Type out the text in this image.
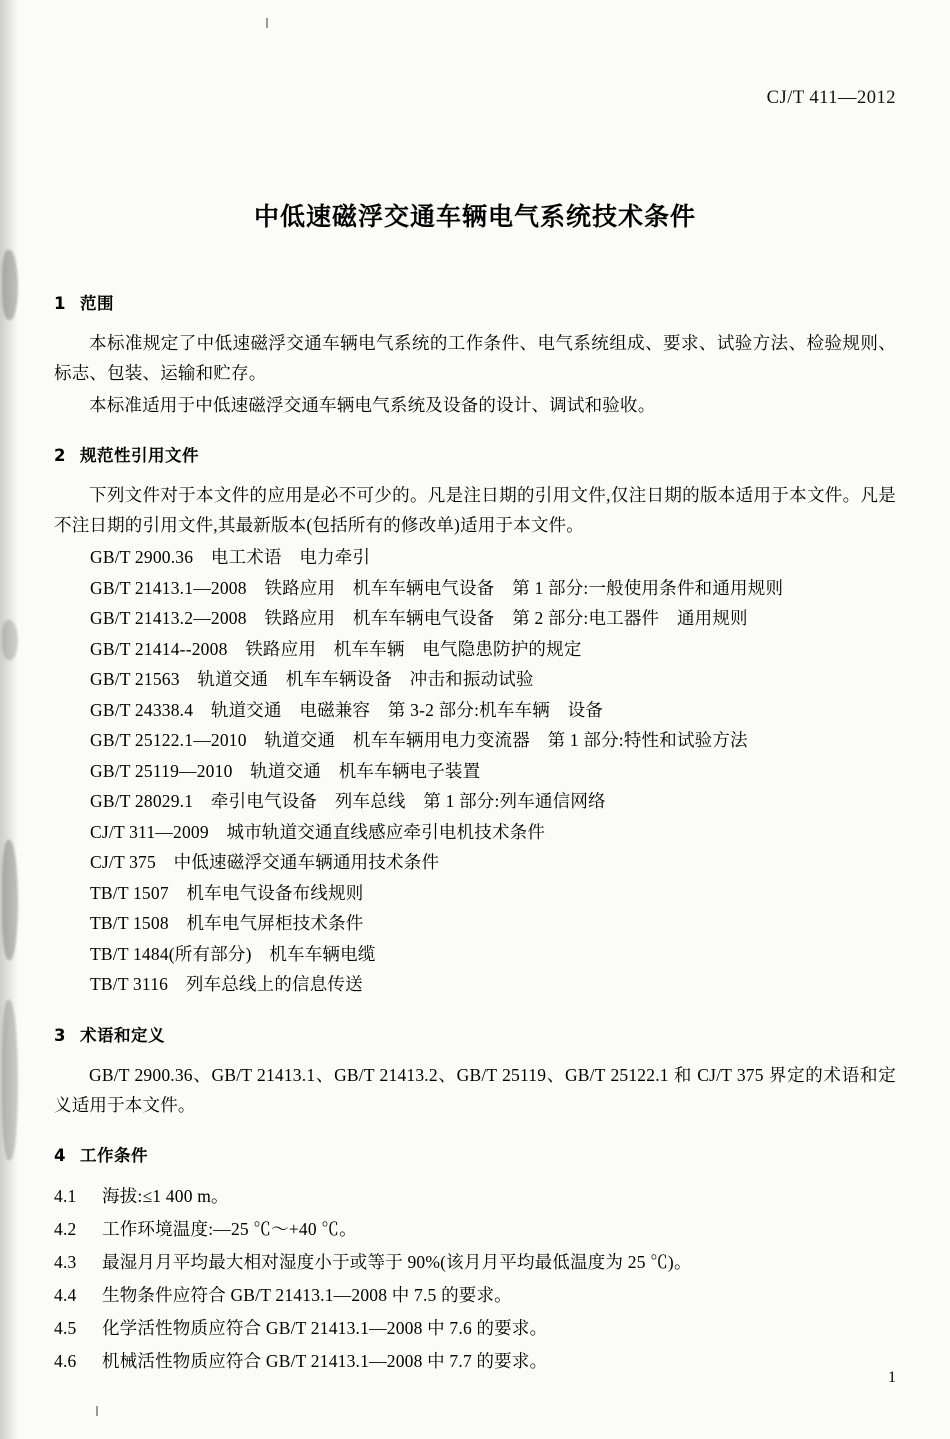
CJ/T 411—2012
中低速磁浮交通车辆电气系统技术条件
1 范围

本标准规定了中低速磁浮交通车辆电气系统的工作条件、电气系统组成、要求、试验方法、检验规则、标志、包装、运输和贮存。

本标准适用于中低速磁浮交通车辆电气系统及设备的设计、调试和验收。

2 规范性引用文件

下列文件对于本文件的应用是必不可少的。凡是注日期的引用文件,仅注日期的版本适用于本文件。凡是不注日期的引用文件,其最新版本(包括所有的修改单)适用于本文件。

GB/T 2900.36　电工术语　电力牵引
GB/T 21413.1—2008　铁路应用　机车车辆电气设备　第 1 部分:一般使用条件和通用规则
GB/T 21413.2—2008　铁路应用　机车车辆电气设备　第 2 部分:电工器件　通用规则
GB/T 21414--2008　铁路应用　机车车辆　电气隐患防护的规定
GB/T 21563　轨道交通　机车车辆设备　冲击和振动试验
GB/T 24338.4　轨道交通　电磁兼容　第 3-2 部分:机车车辆　设备
GB/T 25122.1—2010　轨道交通　机车车辆用电力变流器　第 1 部分:特性和试验方法
GB/T 25119—2010　轨道交通　机车车辆电子装置
GB/T 28029.1　牵引电气设备　列车总线　第 1 部分:列车通信网络
CJ/T 311—2009　城市轨道交通直线感应牵引电机技术条件
CJ/T 375　中低速磁浮交通车辆通用技术条件
TB/T 1507　机车电气设备布线规则
TB/T 1508　机车电气屏柜技术条件
TB/T 1484(所有部分)　机车车辆电缆
TB/T 3116　列车总线上的信息传送
3 术语和定义

GB/T 2900.36、GB/T 21413.1、GB/T 21413.2、GB/T 25119、GB/T 25122.1 和 CJ/T 375 界定的术语和定义适用于本文件。

4 工作条件
4.1 海拔:≤1 400 m。
4.2 工作环境温度:—25 ℃～+40 ℃。
4.3 最湿月月平均最大相对湿度小于或等于 90%(该月月平均最低温度为 25 ℃)。
4.4 生物条件应符合 GB/T 21413.1—2008 中 7.5 的要求。
4.5 化学活性物质应符合 GB/T 21413.1—2008 中 7.6 的要求。
4.6 机械活性物质应符合 GB/T 21413.1—2008 中 7.7 的要求。
1
